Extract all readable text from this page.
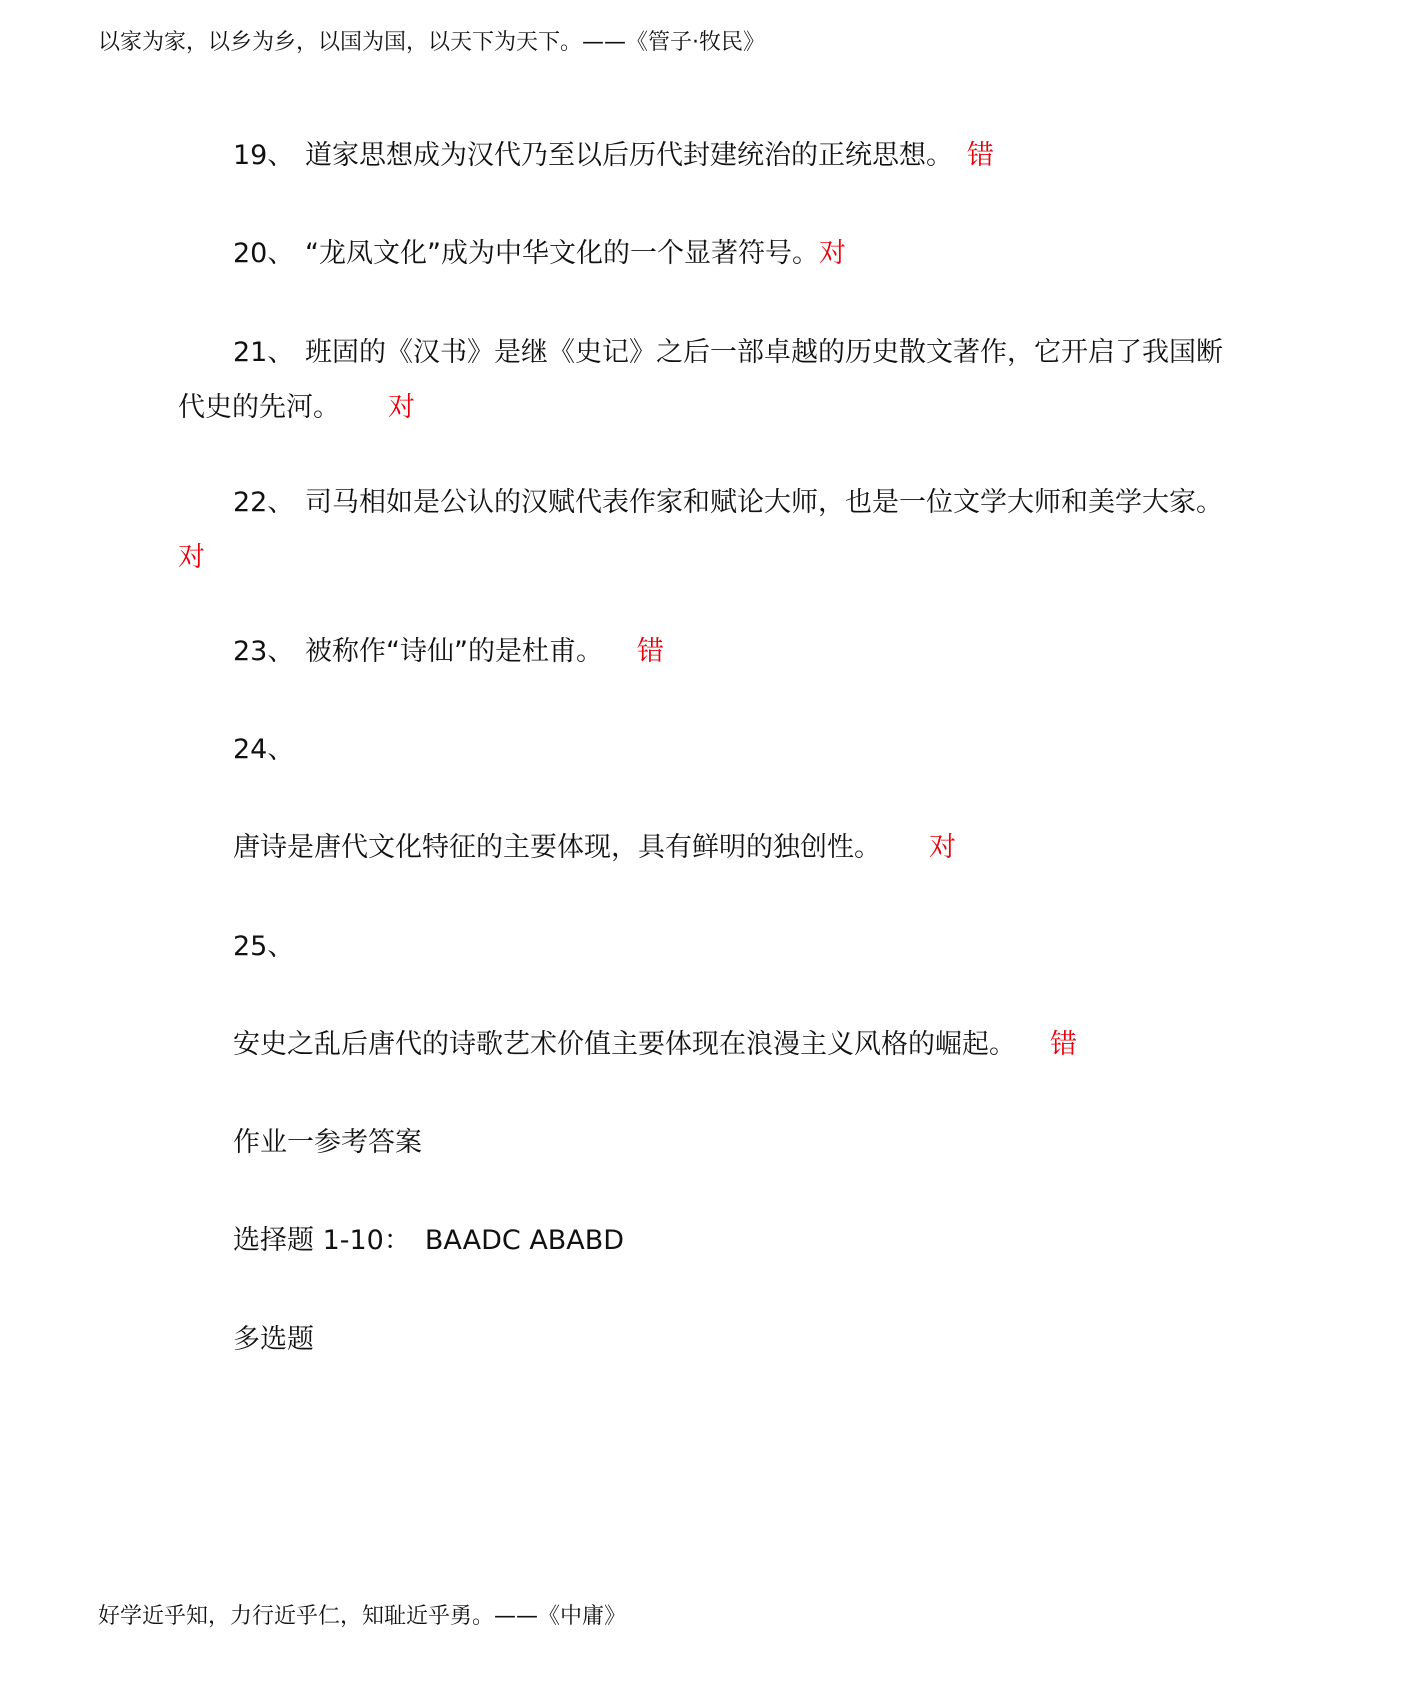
以家为家，以乡为乡，以国为国，以天下为天下。——《管子·牧民》
19、 道家思想成为汉代乃至以后历代封建统治的正统思想。 错
20、 “龙凤文化”成为中华文化的一个显著符号。对
21、 班固的《汉书》是继《史记》之后一部卓越的历史散文著作，它开启了我国断
代史的先河。 对
22、 司马相如是公认的汉赋代表作家和赋论大师，也是一位文学大师和美学大家。
对
23、 被称作“诗仙”的是杜甫。 错
24、
唐诗是唐代文化特征的主要体现，具有鲜明的独创性。 对
25、
安史之乱后唐代的诗歌艺术价值主要体现在浪漫主义风格的崛起。 错
作业一参考答案
选择题 1-10： BAADC ABABD
多选题
好学近乎知，力行近乎仁，知耻近乎勇。——《中庸》
